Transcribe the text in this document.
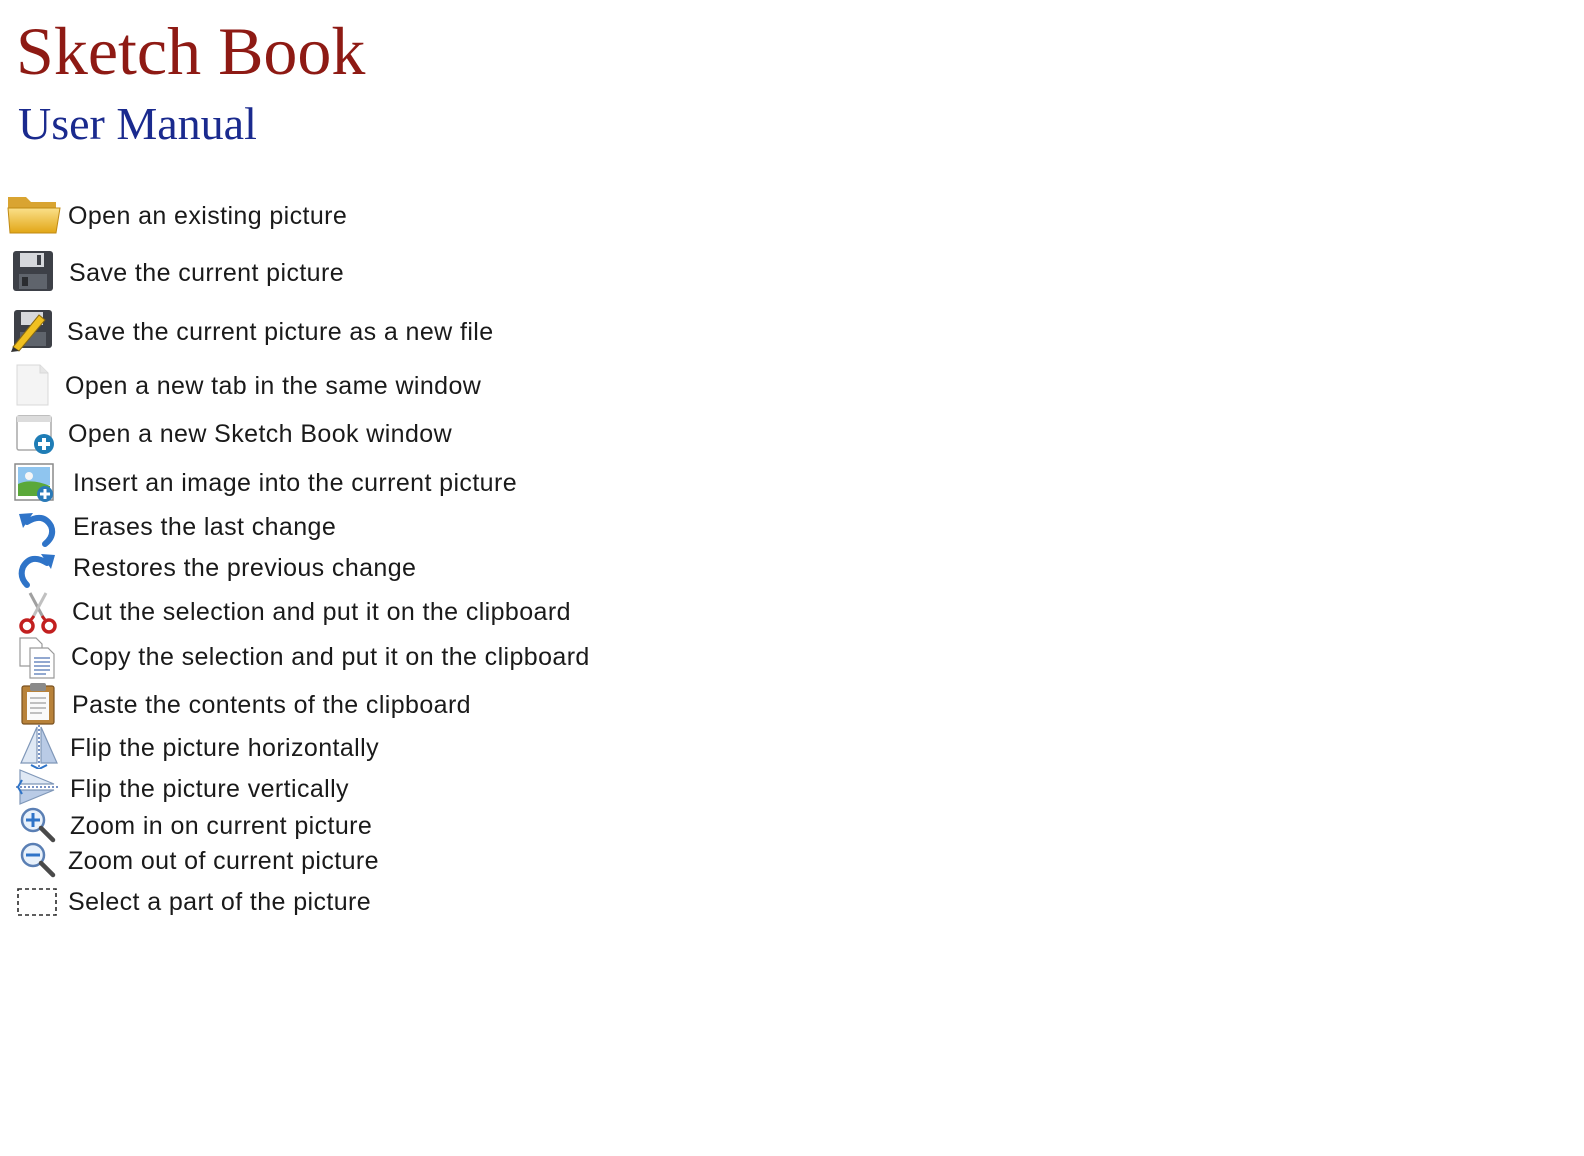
Sketch Book
User Manual
Open an existing picture
Save the current picture
Save the current picture as a new file
Open a new tab in the same window
Open a new Sketch Book window
Insert an image into the current picture
Erases the last change
Restores the previous change
Cut the selection and put it on the clipboard
Copy the selection and put it on the clipboard
Paste the contents of the clipboard
Flip the picture horizontally
Flip the picture vertically
Zoom in on current picture
Zoom out of current picture
Select a part of the picture
